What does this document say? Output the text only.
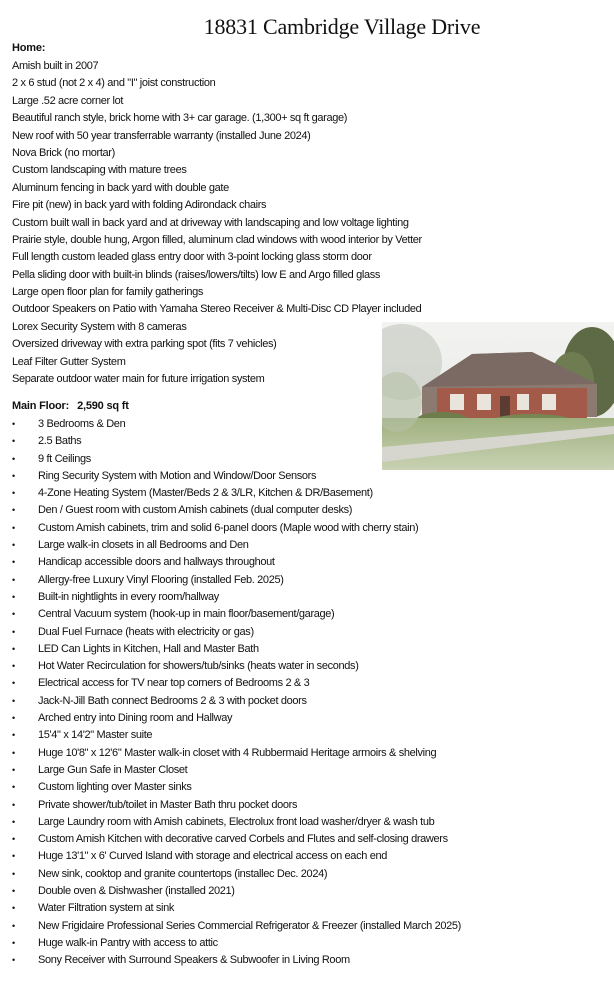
18831 Cambridge Village Drive
Home:
Amish built in 2007
2 x 6 stud (not 2 x 4) and "I" joist construction
Large .52 acre corner lot
Beautiful ranch style, brick home with 3+ car garage. (1,300+ sq ft garage)
New roof with 50 year transferrable warranty (installed June 2024)
Nova Brick (no mortar)
Custom landscaping with mature trees
Aluminum fencing in back yard with double gate
Fire pit (new) in back yard with folding Adirondack chairs
Custom built wall in back yard and at driveway with landscaping and low voltage lighting
Prairie style, double hung, Argon filled, aluminum clad windows with wood interior by Vetter
Full length custom leaded glass entry door with 3-point locking glass storm door
Pella sliding door with built-in blinds (raises/lowers/tilts) low E and Argo filled glass
Large open floor plan for family gatherings
Outdoor Speakers on Patio with Yamaha Stereo Receiver & Multi-Disc CD Player included
Lorex Security System with 8 cameras
Oversized driveway with extra parking spot (fits 7 vehicles)
Leaf Filter Gutter System
Separate outdoor water main for future irrigation system
Main Floor: 2,590 sq ft
•	3 Bedrooms & Den
•	2.5 Baths
•	9 ft Ceilings
•	Ring Security System with Motion and Window/Door Sensors
•	4-Zone Heating System (Master/Beds 2 & 3/LR, Kitchen & DR/Basement)
•	Den / Guest room with custom Amish cabinets (dual computer desks)
•	Custom Amish cabinets, trim and solid 6-panel doors (Maple wood with cherry stain)
•	Large walk-in closets in all Bedrooms and Den
•	Handicap accessible doors and hallways throughout
•	Allergy-free Luxury Vinyl Flooring (installed Feb. 2025)
•	Built-in nightlights in every room/hallway
•	Central Vacuum system (hook-up in main floor/basement/garage)
•	Dual Fuel Furnace (heats with electricity or gas)
•	LED Can Lights in Kitchen, Hall and Master Bath
•	Hot Water Recirculation for showers/tub/sinks (heats water in seconds)
•	Electrical access for TV near top corners of Bedrooms 2 & 3
•	Jack-N-Jill Bath connect Bedrooms 2 & 3 with pocket doors
•	Arched entry into Dining room and Hallway
•	15'4" x 14'2" Master suite
•	Huge 10'8" x 12'6" Master walk-in closet with 4 Rubbermaid Heritage armoirs & shelving
•	Large Gun Safe in Master Closet
•	Custom lighting over Master sinks
•	Private shower/tub/toilet in Master Bath thru pocket doors
•	Large Laundry room with Amish cabinets, Electrolux front load washer/dryer & wash tub
•	Custom Amish Kitchen with decorative carved Corbels and Flutes and self-closing drawers
•	Huge 13'1" x 6' Curved Island with storage and electrical access on each end
•	New sink, cooktop and granite countertops (installec Dec. 2024)
•	Double oven & Dishwasher (installed 2021)
•	Water Filtration system at sink
•	New Frigidaire Professional Series Commercial Refrigerator & Freezer (installed March 2025)
•	Huge walk-in Pantry with access to attic
•	Sony Receiver with Surround Speakers & Subwoofer in Living Room
